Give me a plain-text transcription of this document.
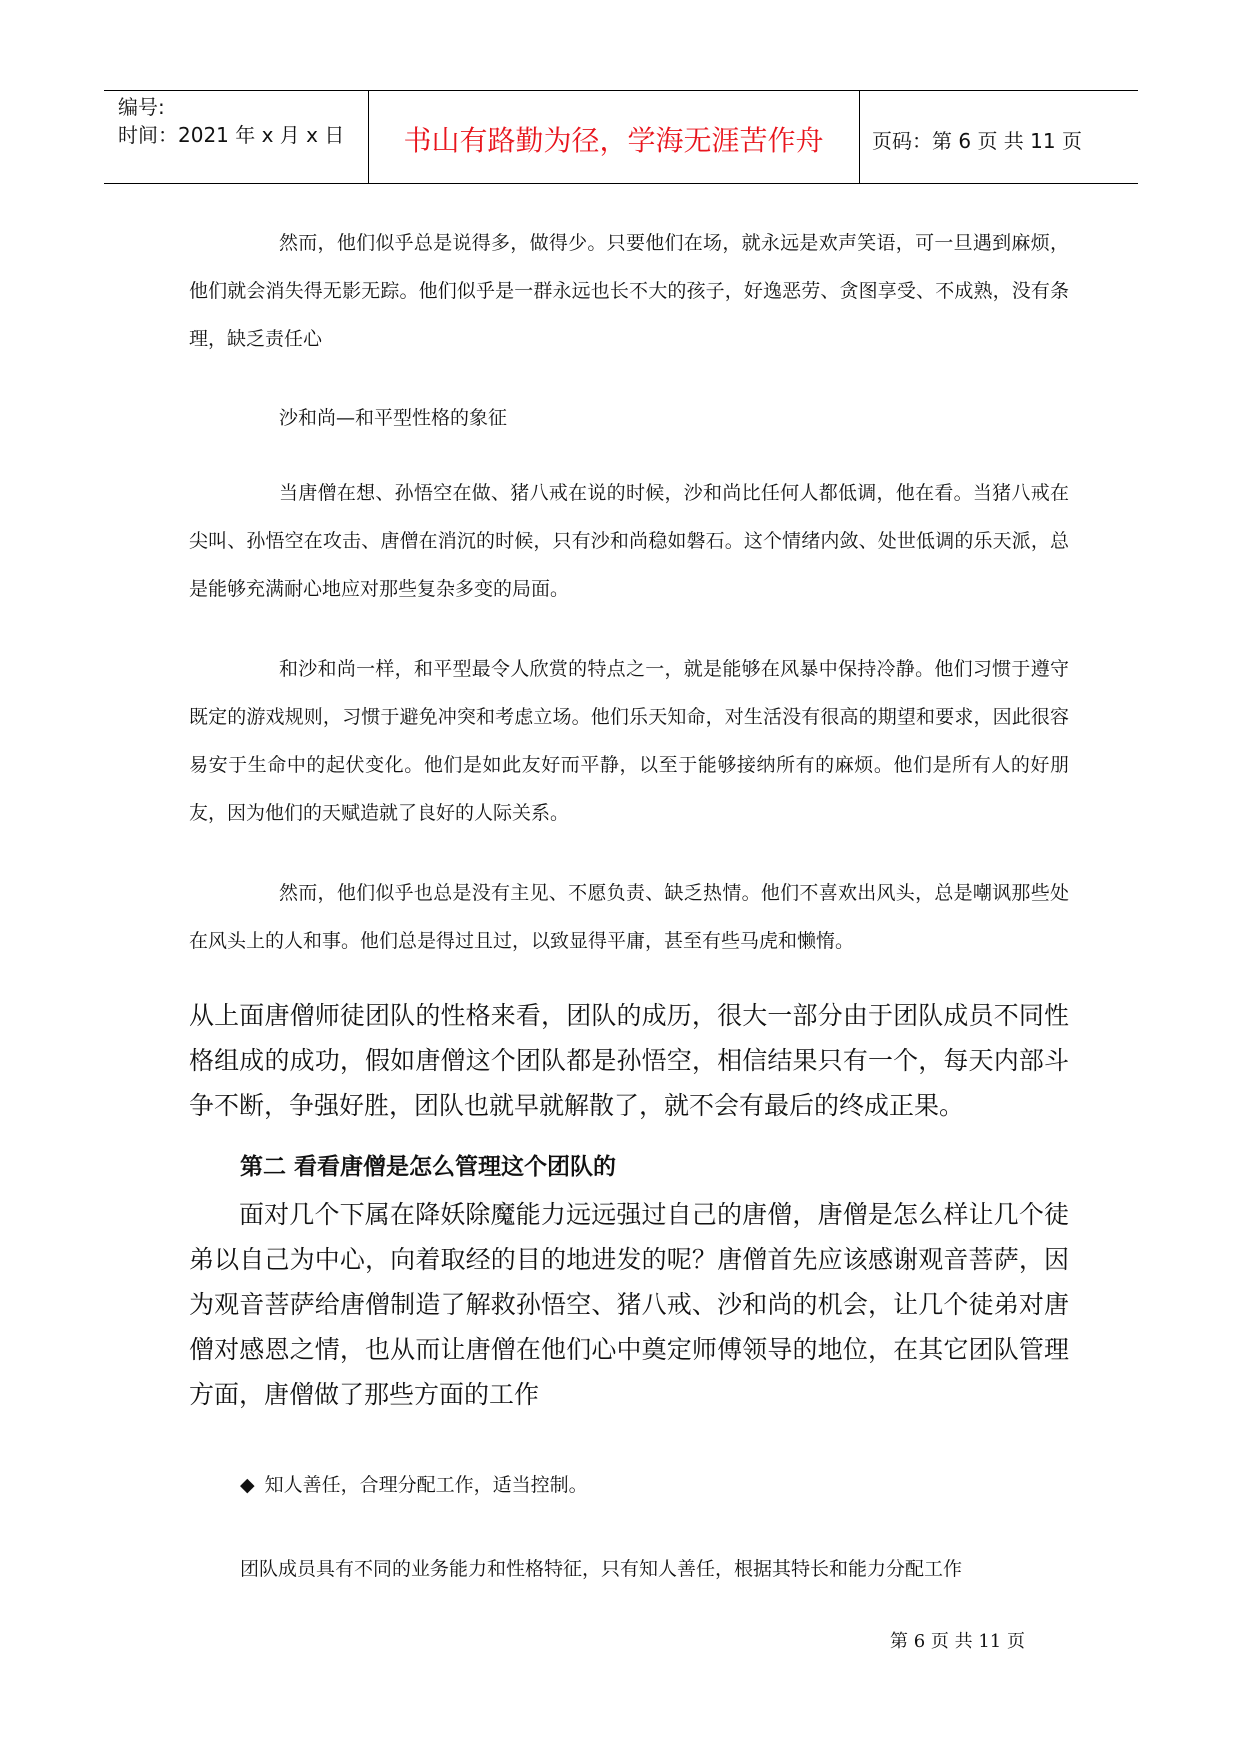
编号:
时间：2021 年 x 月 x 日	书山有路勤为径，学海无涯苦作舟	页码：第 6 页 共 11 页

然而，他们似乎总是说得多，做得少。只要他们在场，就永远是欢声笑语，可一旦遇到麻烦，他们就会消失得无影无踪。他们似乎是一群永远也长不大的孩子，好逸恶劳、贪图享受、不成熟，没有条理，缺乏责任心

沙和尚—和平型性格的象征

当唐僧在想、孙悟空在做、猪八戒在说的时候，沙和尚比任何人都低调，他在看。当猪八戒在尖叫、孙悟空在攻击、唐僧在消沉的时候，只有沙和尚稳如磐石。这个情绪内敛、处世低调的乐天派，总是能够充满耐心地应对那些复杂多变的局面。

和沙和尚一样，和平型最令人欣赏的特点之一，就是能够在风暴中保持冷静。他们习惯于遵守既定的游戏规则，习惯于避免冲突和考虑立场。他们乐天知命，对生活没有很高的期望和要求，因此很容易安于生命中的起伏变化。他们是如此友好而平静，以至于能够接纳所有的麻烦。他们是所有人的好朋友，因为他们的天赋造就了良好的人际关系。

然而，他们似乎也总是没有主见、不愿负责、缺乏热情。他们不喜欢出风头，总是嘲讽那些处在风头上的人和事。他们总是得过且过，以致显得平庸，甚至有些马虎和懒惰。

从上面唐僧师徒团队的性格来看，团队的成历，很大一部分由于团队成员不同性格组成的成功，假如唐僧这个团队都是孙悟空，相信结果只有一个，每天内部斗争不断，争强好胜，团队也就早就解散了，就不会有最后的终成正果。

第二 看看唐僧是怎么管理这个团队的

面对几个下属在降妖除魔能力远远强过自己的唐僧，唐僧是怎么样让几个徒弟以自己为中心，向着取经的目的地进发的呢？唐僧首先应该感谢观音菩萨，因为观音菩萨给唐僧制造了解救孙悟空、猪八戒、沙和尚的机会，让几个徒弟对唐僧对感恩之情，也从而让唐僧在他们心中奠定师傅领导的地位，在其它团队管理方面，唐僧做了那些方面的工作

◆ 知人善任，合理分配工作，适当控制。

团队成员具有不同的业务能力和性格特征，只有知人善任，根据其特长和能力分配工作

第 6 页 共 11 页
